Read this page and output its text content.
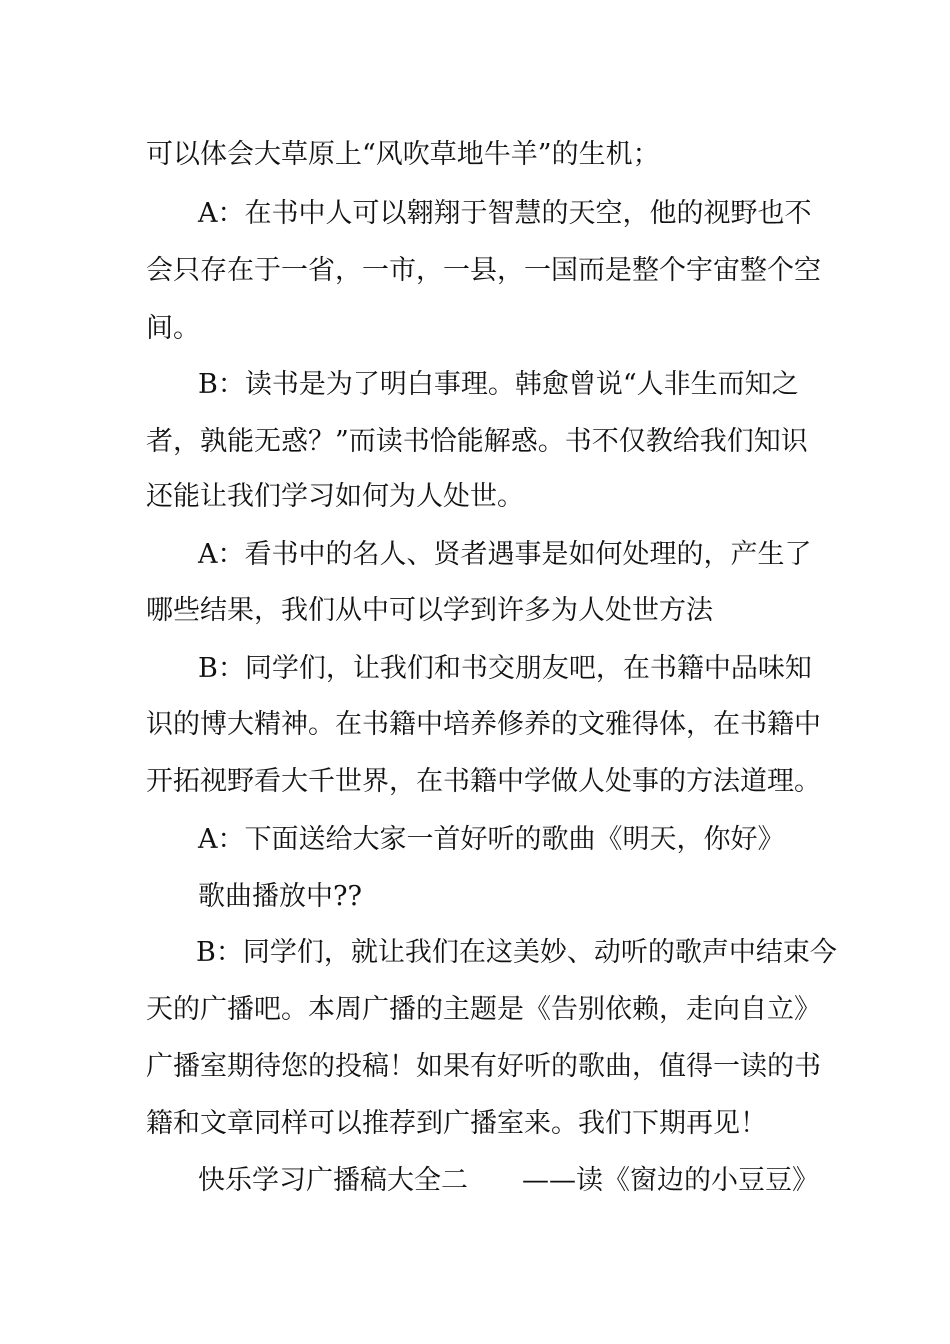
可以体会大草原上“风吹草地牛羊”的生机；

A：在书中人可以翱翔于智慧的天空，他的视野也不

会只存在于一省，一市，一县，一国而是整个宇宙整个空

间。

B：读书是为了明白事理。韩愈曾说“人非生而知之

者，孰能无惑？”而读书恰能解惑。书不仅教给我们知识

还能让我们学习如何为人处世。

A：看书中的名人、贤者遇事是如何处理的，产生了

哪些结果，我们从中可以学到许多为人处世方法

B：同学们，让我们和书交朋友吧，在书籍中品味知

识的博大精神。在书籍中培养修养的文雅得体，在书籍中

开拓视野看大千世界，在书籍中学做人处事的方法道理。

A：下面送给大家一首好听的歌曲《明天，你好》

歌曲播放中??

B：同学们，就让我们在这美妙、动听的歌声中结束今

天的广播吧。本周广播的主题是《告别依赖，走向自立》

广播室期待您的投稿！如果有好听的歌曲，值得一读的书

籍和文章同样可以推荐到广播室来。我们下期再见！

快乐学习广播稿大全二　　——读《窗边的小豆豆》
